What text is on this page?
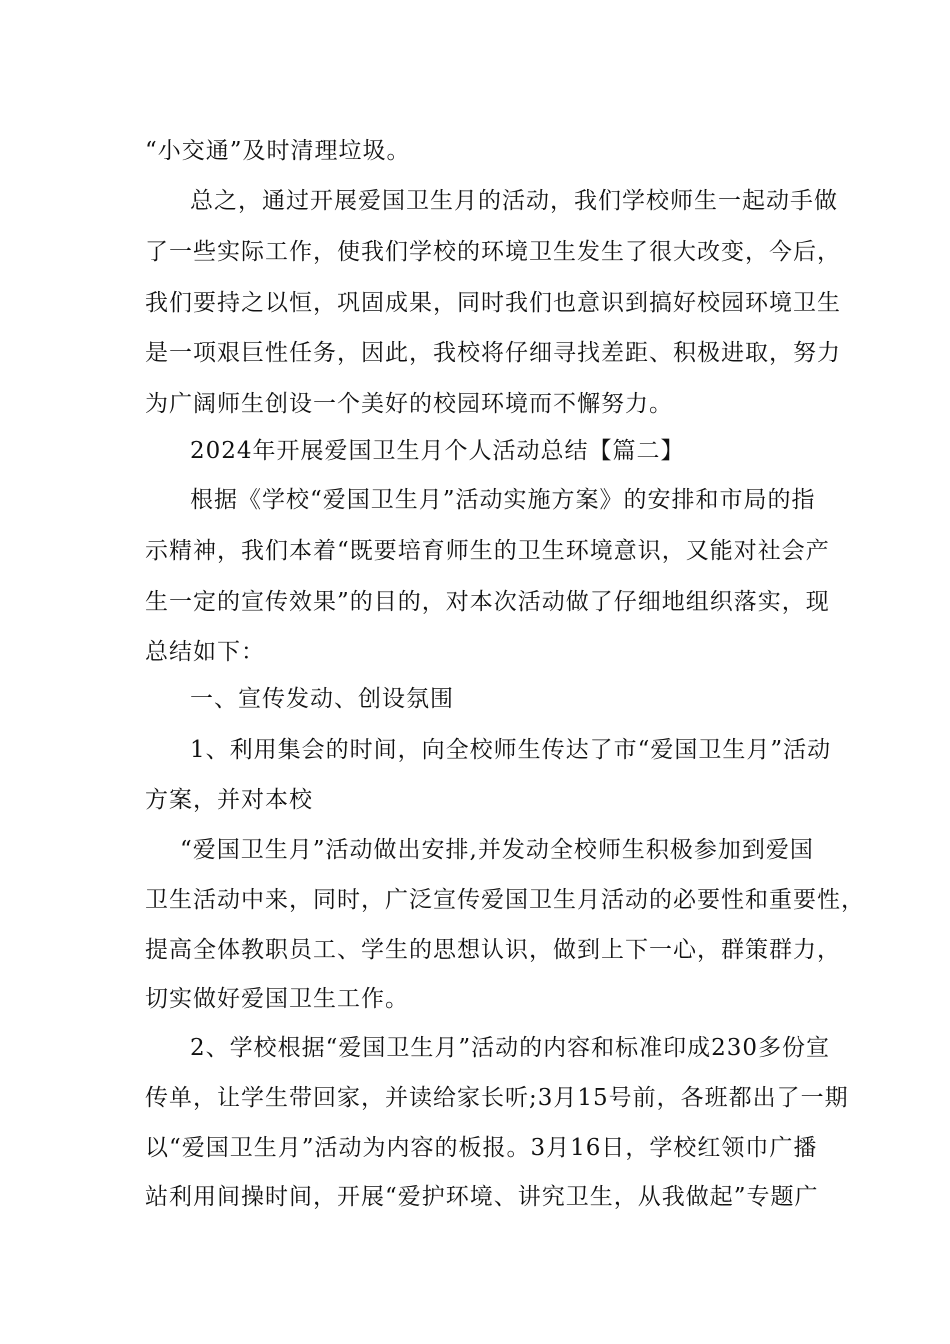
“小交通”及时清理垃圾。
总之，通过开展爱国卫生月的活动，我们学校师生一起动手做
了一些实际工作，使我们学校的环境卫生发生了很大改变，今后，
我们要持之以恒，巩固成果，同时我们也意识到搞好校园环境卫生
是一项艰巨性任务，因此，我校将仔细寻找差距、积极进取，努力
为广阔师生创设一个美好的校园环境而不懈努力。
2024年开展爱国卫生月个人活动总结【篇二】
根据《学校“爱国卫生月”活动实施方案》的安排和市局的指
示精神，我们本着“既要培育师生的卫生环境意识，又能对社会产
生一定的宣传效果”的目的，对本次活动做了仔细地组织落实，现
总结如下：
一、宣传发动、创设氛围
1、利用集会的时间，向全校师生传达了市“爱国卫生月”活动
方案，并对本校
“爱国卫生月”活动做出安排,并发动全校师生积极参加到爱国
卫生活动中来，同时，广泛宣传爱国卫生月活动的必要性和重要性，
提高全体教职员工、学生的思想认识，做到上下一心，群策群力，
切实做好爱国卫生工作。
2、学校根据“爱国卫生月”活动的内容和标准印成230多份宣
传单，让学生带回家，并读给家长听;3月15号前，各班都出了一期
以“爱国卫生月”活动为内容的板报。3月16日，学校红领巾广播
站利用间操时间，开展“爱护环境、讲究卫生，从我做起”专题广
